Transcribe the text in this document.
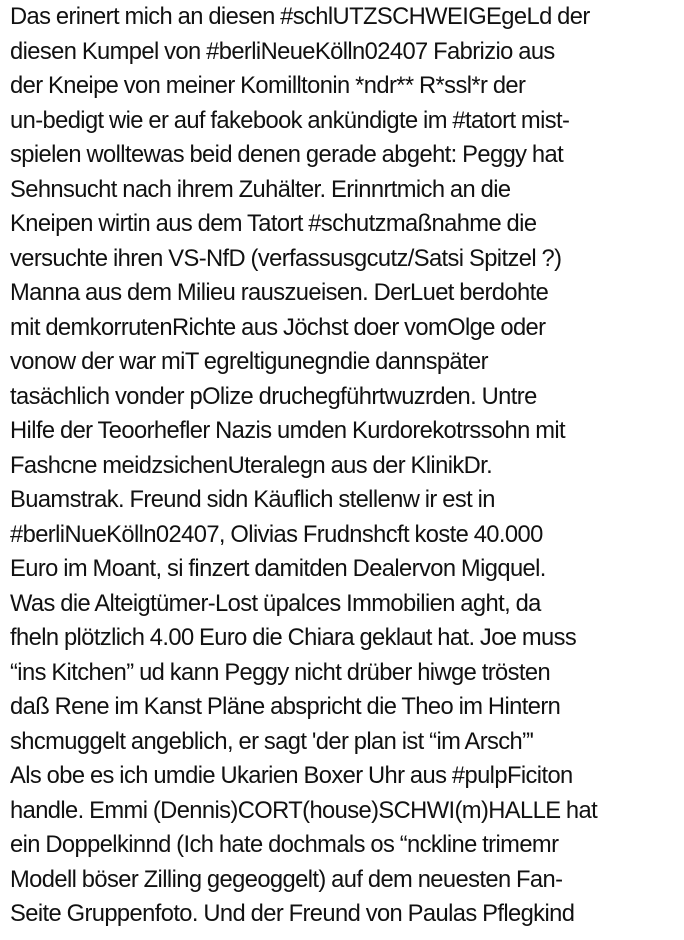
Das erinert mich an diesen #schlUTZSCHWEIGEgeLd der
diesen Kumpel von #berliNeueKölln02407 Fabrizio aus
der Kneipe von meiner Komilltonin *ndr** R*ssl*r der
un-bedigt wie er auf fakebook ankündigte im #tatort mist-
spielen wolltewas beid denen gerade abgeht: Peggy hat
Sehnsucht nach ihrem Zuhälter. Erinnrtmich an die
Kneipen wirtin aus dem Tatort #schutzmaßnahme die
versuchte ihren VS-NfD (verfassusgcutz/Satsi Spitzel ?)
Manna aus dem Milieu rauszueisen. DerLuet berdohte
mit demkorrutenRichte aus Jöchst doer vomOlge oder
vonow der war miT egreltigunegndie dannspäter
tasächlich vonder pOlize druchegführtwuzrden. Untre
Hilfe der Teoorhefler Nazis umden Kurdorekotrssohn mit
Fashcne meidzsichenUteralegn aus der KlinikDr.
Buamstrak. Freund sidn Käuflich stellenw ir est in
#berliNueKölln02407, Olivias Frudnshcft koste 40.000
Euro im Moant, si finzert damitden Dealervon Migquel.
Was die Alteigtümer-Lost üpalces Immobilien aght, da
fheln plötzlich 4.00 Euro die Chiara geklaut hat. Joe muss
“ins Kitchen” ud kann Peggy nicht drüber hiwge trösten
daß Rene im Kanst Pläne abspricht die Theo im Hintern
shcmuggelt angeblich, er sagt 'der plan ist “im Arsch”'
Als obe es ich umdie Ukarien Boxer Uhr aus #pulpFiciton
handle. Emmi (Dennis)CORT(house)SCHWI(m)HALLE hat
ein Doppelkinnd (Ich hate dochmals os “nckline trimemr
Modell böser Zilling gegeoggelt) auf dem neuesten Fan-
Seite Gruppenfoto. Und der Freund von Paulas Pflegkind
